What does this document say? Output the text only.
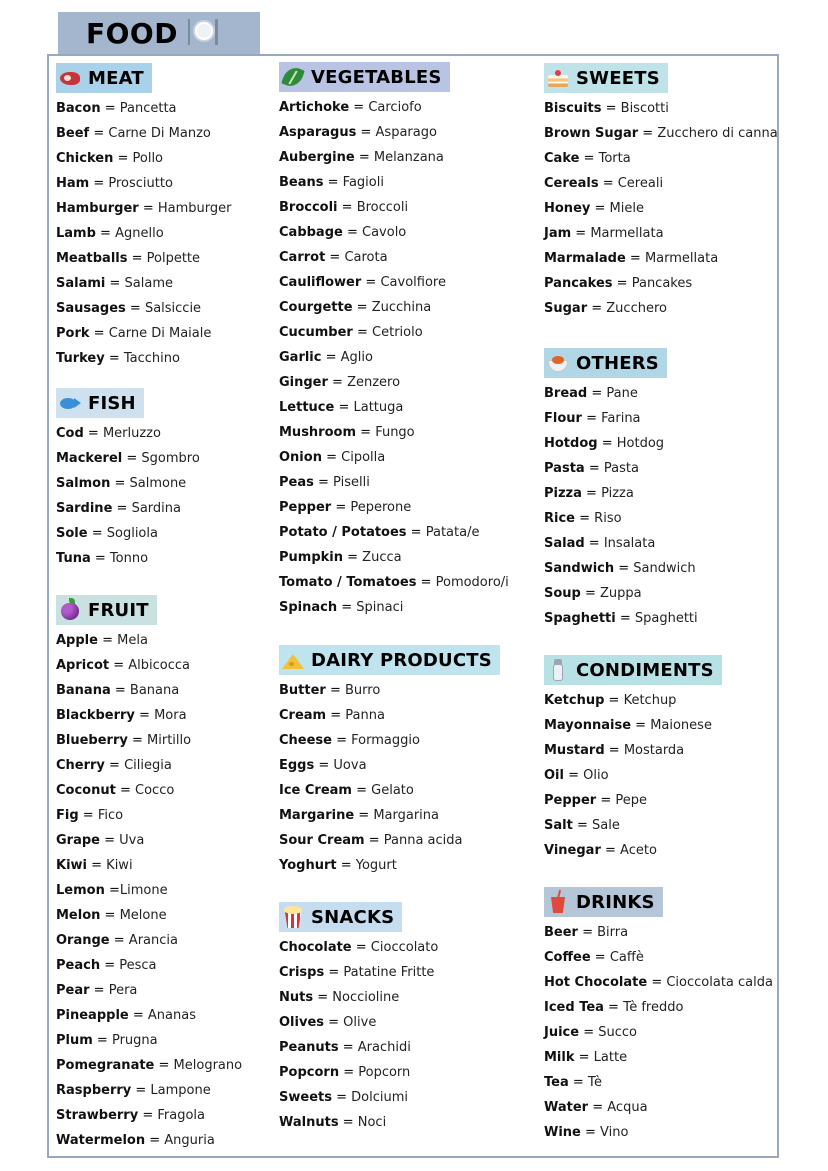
FOOD
MEAT
Bacon = Pancetta
Beef = Carne Di Manzo
Chicken = Pollo
Ham = Prosciutto
Hamburger = Hamburger
Lamb = Agnello
Meatballs = Polpette
Salami = Salame
Sausages = Salsiccie
Pork = Carne Di Maiale
Turkey = Tacchino
FISH
Cod = Merluzzo
Mackerel = Sgombro
Salmon = Salmone
Sardine = Sardina
Sole = Sogliola
Tuna = Tonno
FRUIT
Apple = Mela
Apricot = Albicocca
Banana = Banana
Blackberry = Mora
Blueberry = Mirtillo
Cherry = Ciliegia
Coconut = Cocco
Fig = Fico
Grape = Uva
Kiwi = Kiwi
Lemon =Limone
Melon = Melone
Orange = Arancia
Peach = Pesca
Pear = Pera
Pineapple = Ananas
Plum = Prugna
Pomegranate = Melograno
Raspberry = Lampone
Strawberry = Fragola
Watermelon = Anguria
VEGETABLES
Artichoke = Carciofo
Asparagus = Asparago
Aubergine = Melanzana
Beans = Fagioli
Broccoli = Broccoli
Cabbage = Cavolo
Carrot = Carota
Cauliflower = Cavolfiore
Courgette = Zucchina
Cucumber = Cetriolo
Garlic = Aglio
Ginger = Zenzero
Lettuce = Lattuga
Mushroom = Fungo
Onion = Cipolla
Peas = Piselli
Pepper = Peperone
Potato / Potatoes = Patata/e
Pumpkin = Zucca
Tomato / Tomatoes = Pomodoro/i
Spinach = Spinaci
DAIRY PRODUCTS
Butter = Burro
Cream = Panna
Cheese = Formaggio
Eggs = Uova
Ice Cream = Gelato
Margarine = Margarina
Sour Cream = Panna acida
Yoghurt = Yogurt
SNACKS
Chocolate = Cioccolato
Crisps = Patatine Fritte
Nuts = Noccioline
Olives = Olive
Peanuts = Arachidi
Popcorn = Popcorn
Sweets = Dolciumi
Walnuts = Noci
SWEETS
Biscuits = Biscotti
Brown Sugar = Zucchero di canna
Cake = Torta
Cereals = Cereali
Honey = Miele
Jam = Marmellata
Marmalade = Marmellata
Pancakes = Pancakes
Sugar = Zucchero
OTHERS
Bread = Pane
Flour = Farina
Hotdog = Hotdog
Pasta = Pasta
Pizza = Pizza
Rice = Riso
Salad = Insalata
Sandwich = Sandwich
Soup = Zuppa
Spaghetti = Spaghetti
CONDIMENTS
Ketchup = Ketchup
Mayonnaise = Maionese
Mustard = Mostarda
Oil = Olio
Pepper = Pepe
Salt = Sale
Vinegar = Aceto
DRINKS
Beer = Birra
Coffee = Caffè
Hot Chocolate = Cioccolata calda
Iced Tea = Tè freddo
Juice = Succo
Milk = Latte
Tea = Tè
Water = Acqua
Wine = Vino
